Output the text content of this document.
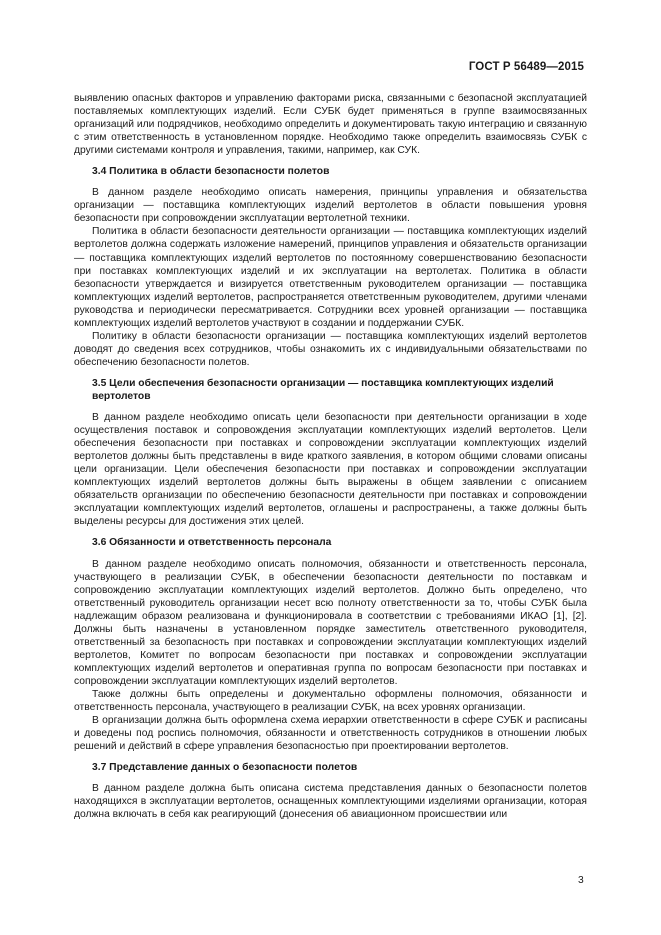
ГОСТ Р 56489—2015

выявлению опасных факторов и управлению факторами риска, связанными с безопасной эксплуатацией поставляемых комплектующих изделий. Если СУБК будет применяться в группе взаимосвязанных организаций или подрядчиков, необходимо определить и документировать такую интеграцию и связанную с этим ответственность в установленном порядке. Необходимо также определить взаимосвязь СУБК с другими системами контроля и управления, такими, например, как СУК.

3.4 Политика в области безопасности полетов

В данном разделе необходимо описать намерения, принципы управления и обязательства организации — поставщика комплектующих изделий вертолетов в области повышения уровня безопасности при сопровождении эксплуатации вертолетной техники.

Политика в области безопасности деятельности организации — поставщика комплектующих изделий вертолетов должна содержать изложение намерений, принципов управления и обязательств организации — поставщика комплектующих изделий вертолетов по постоянному совершенствованию безопасности при поставках комплектующих изделий и их эксплуатации на вертолетах. Политика в области безопасности утверждается и визируется ответственным руководителем организации — поставщика комплектующих изделий вертолетов, распространяется ответственным руководителем, другими членами руководства и периодически пересматривается. Сотрудники всех уровней организации — поставщика комплектующих изделий вертолетов участвуют в создании и поддержании СУБК.

Политику в области безопасности организации — поставщика комплектующих изделий вертолетов доводят до сведения всех сотрудников, чтобы ознакомить их с индивидуальными обязательствами по обеспечению безопасности полетов.

3.5 Цели обеспечения безопасности организации — поставщика комплектующих изделий вертолетов

В данном разделе необходимо описать цели безопасности при деятельности организации в ходе осуществления поставок и сопровождения эксплуатации комплектующих изделий вертолетов. Цели обеспечения безопасности при поставках и сопровождении эксплуатации комплектующих изделий вертолетов должны быть представлены в виде краткого заявления, в котором общими словами описаны цели организации. Цели обеспечения безопасности при поставках и сопровождении эксплуатации комплектующих изделий вертолетов должны быть выражены в общем заявлении с описанием обязательств организации по обеспечению безопасности деятельности при поставках и сопровождении эксплуатации комплектующих изделий вертолетов, оглашены и распространены, а также должны быть выделены ресурсы для достижения этих целей.

3.6 Обязанности и ответственность персонала

В данном разделе необходимо описать полномочия, обязанности и ответственность персонала, участвующего в реализации СУБК, в обеспечении безопасности деятельности по поставкам и сопровождению эксплуатации комплектующих изделий вертолетов. Должно быть определено, что ответственный руководитель организации несет всю полноту ответственности за то, чтобы СУБК была надлежащим образом реализована и функционировала в соответствии с требованиями ИКАО [1], [2]. Должны быть назначены в установленном порядке заместитель ответственного руководителя, ответственный за безопасность при поставках и сопровождении эксплуатации комплектующих изделий вертолетов, Комитет по вопросам безопасности при поставках и сопровождении эксплуатации комплектующих изделий вертолетов и оперативная группа по вопросам безопасности при поставках и сопровождении эксплуатации комплектующих изделий вертолетов.

Также должны быть определены и документально оформлены полномочия, обязанности и ответственность персонала, участвующего в реализации СУБК, на всех уровнях организации.

В организации должна быть оформлена схема иерархии ответственности в сфере СУБК и расписаны и доведены под роспись полномочия, обязанности и ответственность сотрудников в отношении любых решений и действий в сфере управления безопасностью при проектировании вертолетов.

3.7 Представление данных о безопасности полетов

В данном разделе должна быть описана система представления данных о безопасности полетов находящихся в эксплуатации вертолетов, оснащенных комплектующими изделиями организации, которая должна включать в себя как реагирующий (донесения об авиационном происшествии или

3
